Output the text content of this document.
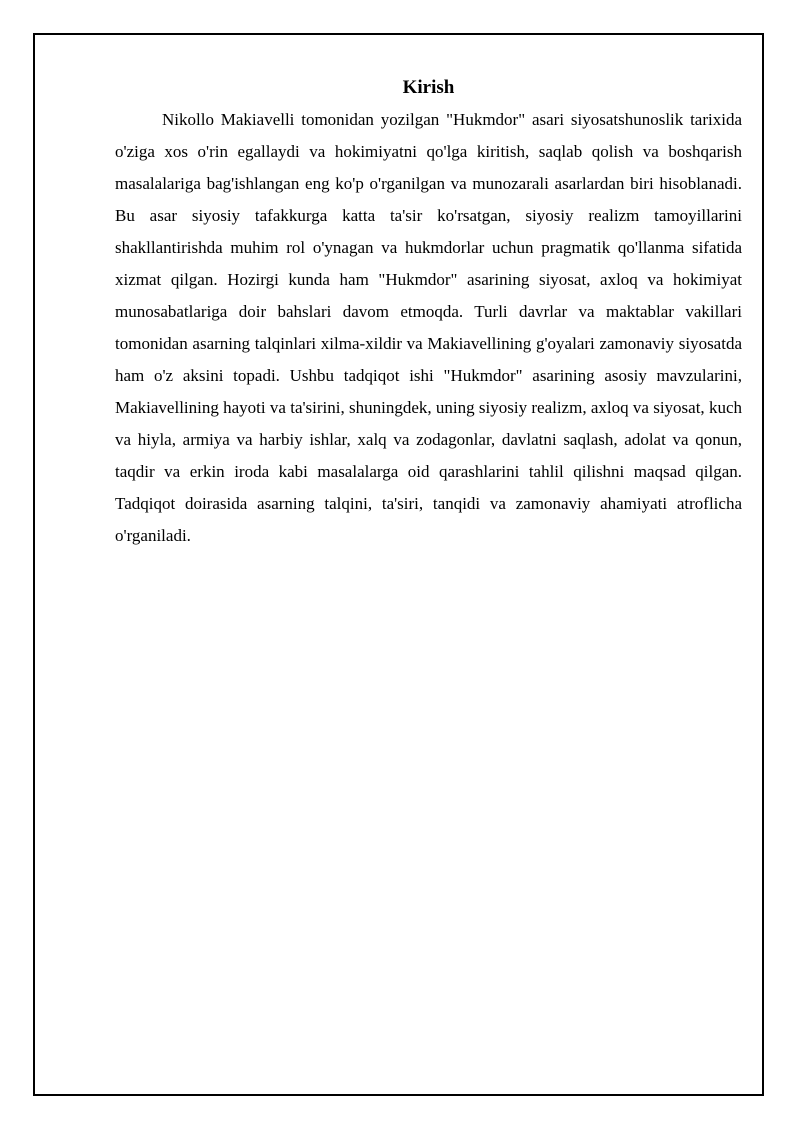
Kirish

Nikollo Makiavelli tomonidan yozilgan "Hukmdor" asari siyosatshunoslik tarixida o'ziga xos o'rin egallaydi va hokimiyatni qo'lga kiritish, saqlab qolish va boshqarish masalalariga bag'ishlangan eng ko'p o'rganilgan va munozarali asarlardan biri hisoblanadi. Bu asar siyosiy tafakkurga katta ta'sir ko'rsatgan, siyosiy realizm tamoyillarini shakllantirishda muhim rol o'ynagan va hukmdorlar uchun pragmatik qo'llanma sifatida xizmat qilgan. Hozirgi kunda ham "Hukmdor" asarining siyosat, axloq va hokimiyat munosabatlariga doir bahslari davom etmoqda. Turli davrlar va maktablar vakillari tomonidan asarning talqinlari xilma-xildir va Makiavellining g'oyalari zamonaviy siyosatda ham o'z aksini topadi. Ushbu tadqiqot ishi "Hukmdor" asarining asosiy mavzularini, Makiavellining hayoti va ta'sirini, shuningdek, uning siyosiy realizm, axloq va siyosat, kuch va hiyla, armiya va harbiy ishlar, xalq va zodagonlar, davlatni saqlash, adolat va qonun, taqdir va erkin iroda kabi masalalarga oid qarashlarini tahlil qilishni maqsad qilgan. Tadqiqot doirasida asarning talqini, ta'siri, tanqidi va zamonaviy ahamiyati atroflicha o'rganiladi.
